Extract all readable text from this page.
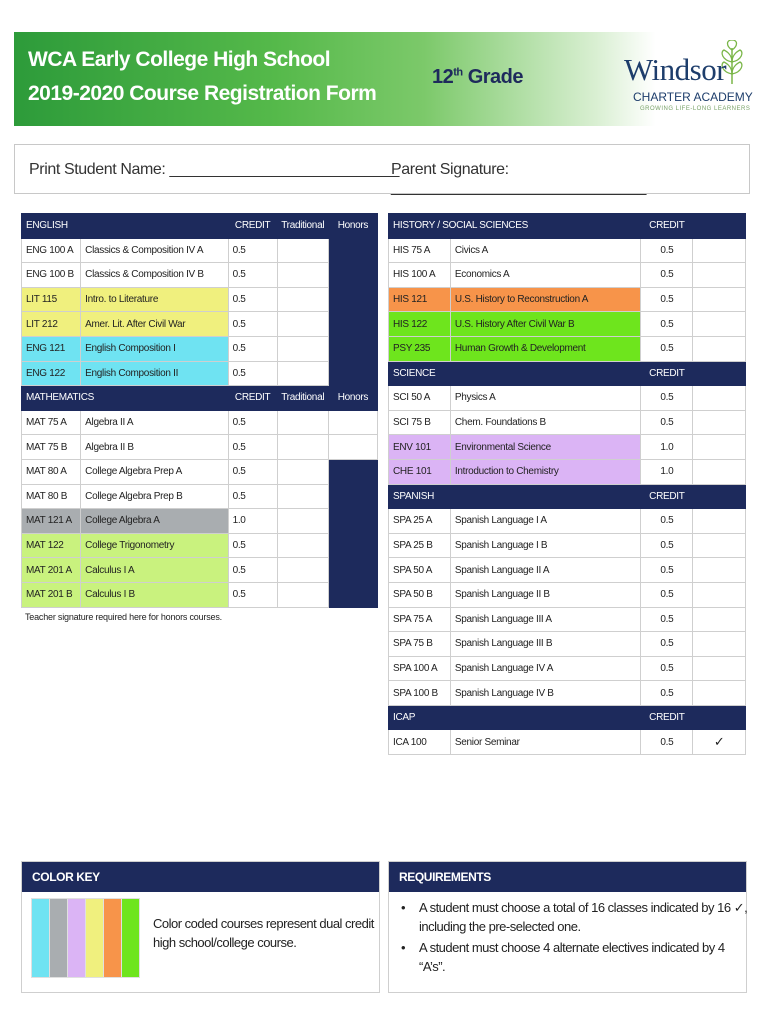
WCA Early College High School
2019-2020 Course Registration Form
12th Grade	Windsor
CHARTER ACADEMY
GROWING LIFE-LONG LEARNERS
Print Student Name: ___________________________
Parent Signature: ______________________________
ENGLISH		CREDIT	Traditional	Honors
ENG 100 A	Classics & Composition IV A	0.5		
ENG 100 B	Classics & Composition IV B	0.5		
LIT 115	Intro. to Literature	0.5		
LIT 212	Amer. Lit. After Civil War	0.5		
ENG 121	English Composition I	0.5		
ENG 122	English Composition II	0.5		
MATHEMATICS		CREDIT	Traditional	Honors
MAT 75 A	Algebra II A	0.5		
MAT 75 B	Algebra II B	0.5		
MAT 80 A	College Algebra Prep A	0.5		
MAT 80 B	College Algebra Prep B	0.5		
MAT 121 A	College Algebra A	1.0		
MAT 122	College Trigonometry	0.5		
MAT 201 A	Calculus I A	0.5		
MAT 201 B	Calculus I B	0.5		
Teacher signature required here for honors courses.
HISTORY / SOCIAL SCIENCES		CREDIT	
HIS 75 A	Civics A	0.5	
HIS 100 A	Economics A	0.5	
HIS 121	U.S. History to Reconstruction A	0.5	
HIS 122	U.S. History After Civil War B	0.5	
PSY 235	Human Growth & Development	0.5	
SCIENCE		CREDIT	
SCI 50 A	Physics A	0.5	
SCI 75 B	Chem. Foundations B	0.5	
ENV 101	Environmental Science	1.0	
CHE 101	Introduction to Chemistry	1.0	
SPANISH		CREDIT	
SPA 25 A	Spanish Language I A	0.5	
SPA 25 B	Spanish Language I B	0.5	
SPA 50 A	Spanish Language II A	0.5	
SPA 50 B	Spanish Language II B	0.5	
SPA 75 A	Spanish Language III A	0.5	
SPA 75 B	Spanish Language III B	0.5	
SPA 100 A	Spanish Language IV A	0.5	
SPA 100 B	Spanish Language IV B	0.5	
ICAP		CREDIT	
ICA 100	Senior Seminar	0.5	✓
COLOR KEY
Color coded courses represent dual credit high school/college course.
REQUIREMENTS
• A student must choose a total of 16 classes indicated by 16 ✓, including the pre-selected one.
• A student must choose 4 alternate electives indicated by 4 “A’s”.
